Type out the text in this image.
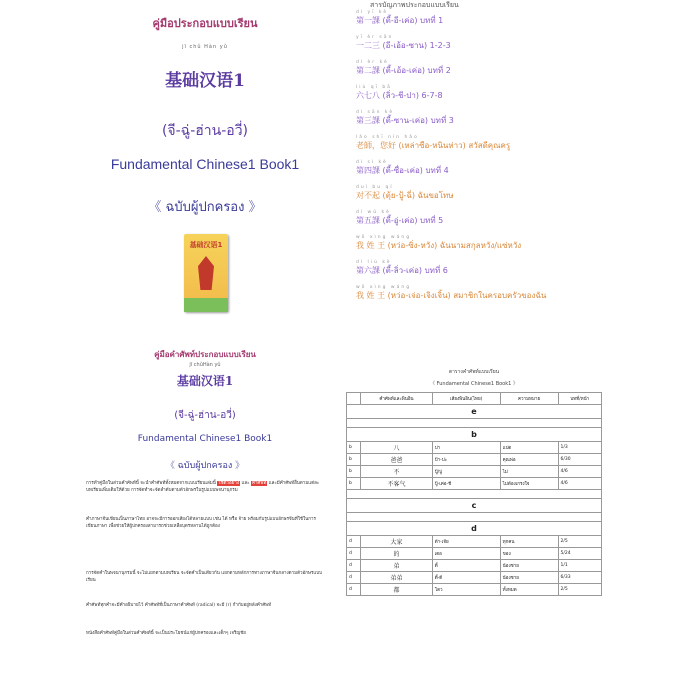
คู่มือประกอบแบบเรียน
jī chǔ Hàn yǔ
基础汉语1
(จี-ฉู่-ฮ่าน-อวี่)
Fundamental Chinese1 Book1
《 ฉบับผู้ปกครอง 》
基础汉语1
สารบัญภาพประกอบแบบเรียน
dì yī kè
第一課 (ตี้-อี-เค่อ) บทที่ 1
yī èr sān
一二三 (อี-เอ้อ-ซาน) 1-2-3
dì èr kè
第二課 (ตี้-เอ้อ-เค่อ) บทที่ 2
liù qī bā
六七八 (ลิ่ว-ชี-ปา) 6-7-8
dì sān kè
第三課 (ตี้-ซาน-เค่อ) บทที่ 3
lǎo shī nín hǎo
老師，您好 (เหล่าซือ-หนินห่าว) สวัสดีคุณครู
dì sì kè
第四課 (ตี้-ซื่อ-เค่อ) บทที่ 4
duì bu qǐ
对不起 (ตุ้ย-ปู้-ฉี่) ฉันขอโทษ
dì wǔ kè
第五課 (ตี้-อู่-เค่อ) บทที่ 5
wǒ xìng wáng
我 姓 王 (หว่อ-ซิ่ง-หวัง) ฉันนามสกุลหวัง/แซ่หวัง
dì liù kè
第六課 (ตี้-ลิ่ว-เค่อ) บทที่ 6
wǒ xìng wáng
我 姓 王 (หว่อ-เจ่อ-เจิงเจิ้น) สมาชิกในครอบครัวของฉัน
คู่มือคำศัพท์ประกอบแบบเรียน
jī chǔHàn yǔ
基础汉语1
(จี-ฉู่-ฮ่าน-อวี่)
Fundamental Chinese1 Book1
《 ฉบับผู้ปกครอง 》
การทำคู่มือในส่วนคำศัพท์นี้ จะนำคำศัพท์ทั้งหมดจากแบบเรียนเล่มนี้ ใช้ตัวอย่าง และ คำศัพท์ และมีคำศัพท์อื่นตามแต่ละบทเรียนเพิ่มเติมให้ด้วย การจัดทำจะจัดลำดับตามตัวอักษรในรูปแบบพจนานุกรม
คำภาษาจีนเขียนเป็นภาษาไทย อาจจะมีการออกเสียงได้หลายแบบ เช่น ได้ หรือ จ้าย พร้อมกับรูปแบบอักษรจีนที่ใช้ในการเขียนภาษา เพื่อช่วยให้ผู้ปกครองสามารถช่วยเหลือบุตรหลานได้ถูกต้อง
การจัดคำในพจนานุกรมนี้ จะไม่แยกตามบทเรียน จะจัดคำเป็นเดียวกัน แยกตามหลักการทางภาษาจีนกลางตามตัวอักษรแบบเรียน
คำศัพท์ทุกคำจะมีคำอธิบายไว้ คำศัพท์ที่เป็นภาษาคำศัพท์ (radical) จะมี (r) กำกับอยู่หลังคำศัพท์
หนังสือคำศัพท์คู่มือในส่วนคำศัพท์นี้ จะเป็นประโยชน์แก่ผู้ปกครองและเด็กๆ เจริญชัย
ตารางคำศัพท์แบบเรียน
《 Fundamental Chinese1 Book1 》
	คำศัพท์และพินอิน	เสียงพินอิน(ไทย)	ความหมาย	บทที่/หน้า
e				

b				
b	八	ปา	แปด	1/3
b	爸爸	ป้า-ปะ	คุณพ่อ	6/30
b	不	ปู้/ปู	ไม่	4/6
b	不客气	ปู้-เค่อ-ชี	ไม่ต้องเกรงใจ	4/6

c				

d				
d	大家	ต้า-เจีย	ทุกคน	2/5
d	的	เตอ	ของ	5/24
d	弟	ตี้	น้องชาย	1/1
d	弟弟	ตี้-ตี	น้องชาย	6/33
d	都	โตว	ทั้งหมด	2/5
